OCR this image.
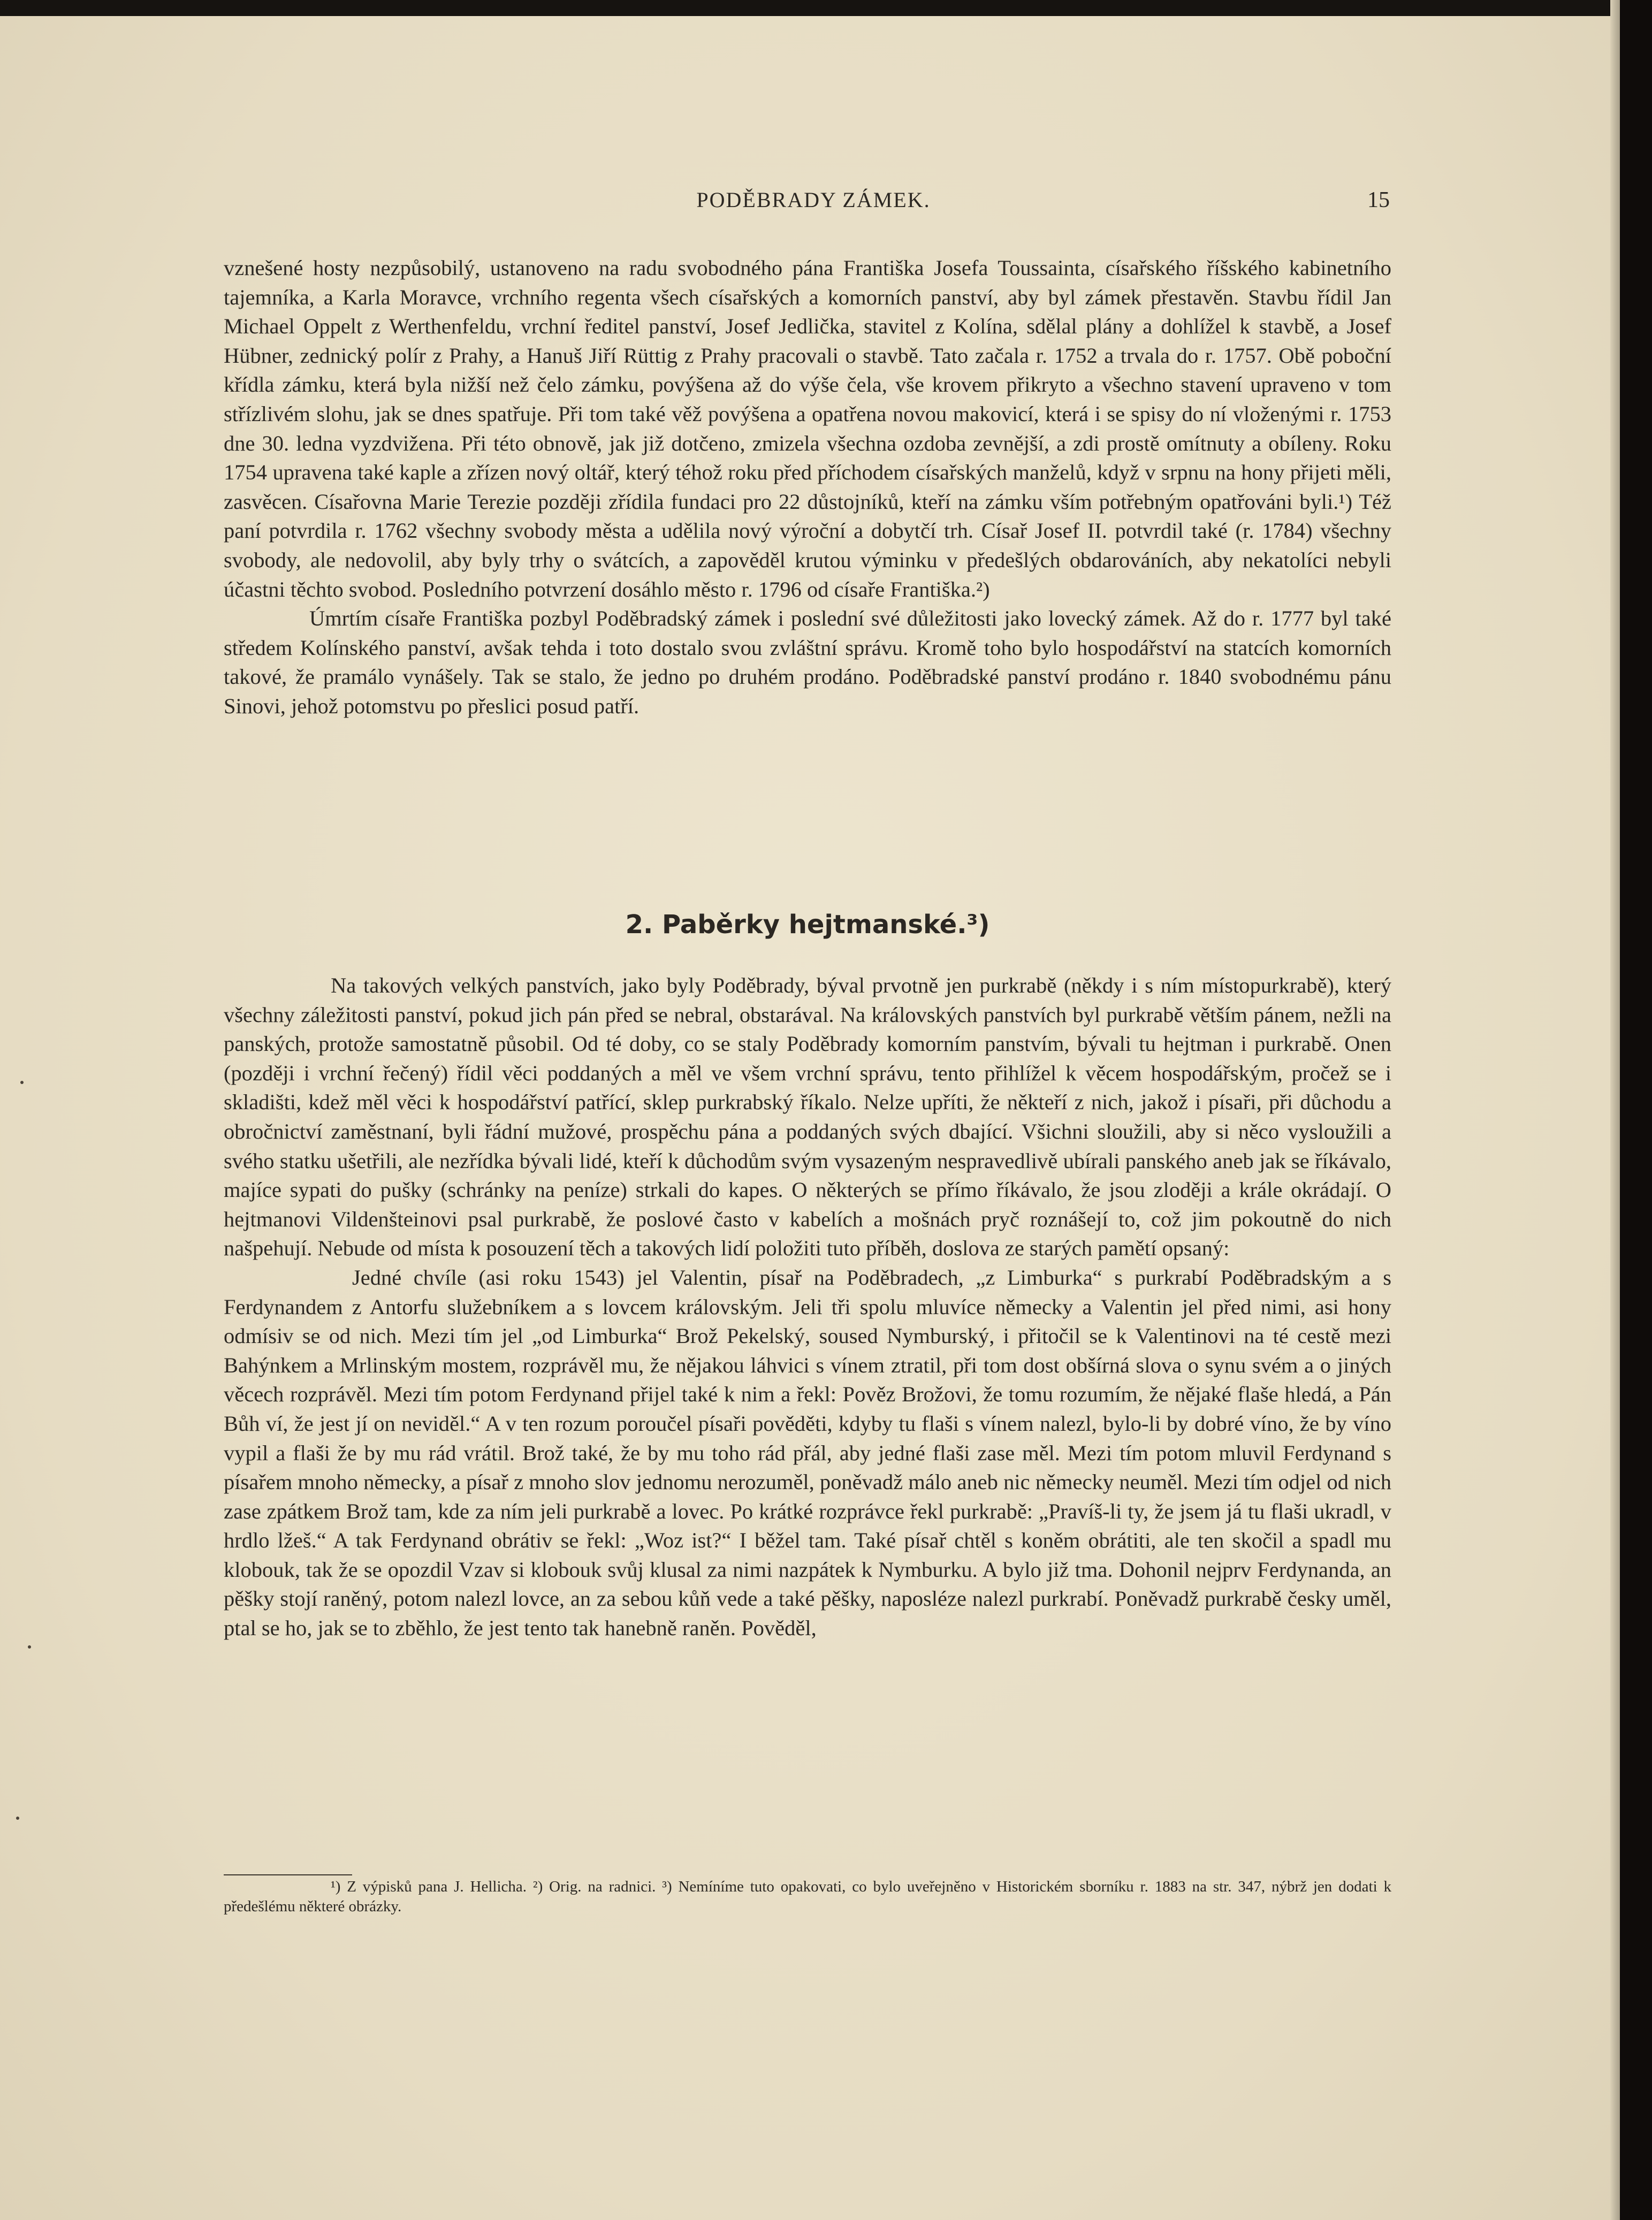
PODĚBRADY ZÁMEK.	15

vznešené hosty nezpůsobilý, ustanoveno na radu svobodného pána Františka Josefa Toussainta, císařského říšského kabinetního tajemníka, a Karla Moravce, vrchního regenta všech císařských a komorních panství, aby byl zámek přestavěn. Stavbu řídil Jan Michael Oppelt z Werthenfeldu, vrchní ředitel panství, Josef Jedlička, stavitel z Kolína, sdělal plány a dohlížel k stavbě, a Josef Hübner, zednický polír z Prahy, a Hanuš Jiří Rüttig z Prahy pracovali o stavbě. Tato začala r. 1752 a trvala do r. 1757. Obě poboční křídla zámku, která byla nižší než čelo zámku, povýšena až do výše čela, vše krovem přikryto a všechno stavení upraveno v tom střízlivém slohu, jak se dnes spatřuje. Při tom také věž povýšena a opatřena novou makovicí, která i se spisy do ní vloženými r. 1753 dne 30. ledna vyzdvižena. Při této obnově, jak již dotčeno, zmizela všechna ozdoba zevnější, a zdi prostě omítnuty a obíleny. Roku 1754 upravena také kaple a zřízen nový oltář, který téhož roku před příchodem císařských manželů, když v srpnu na hony přijeti měli, zasvěcen. Císařovna Marie Terezie později zřídila fundaci pro 22 důstojníků, kteří na zámku vším potřebným opatřováni byli.¹) Též paní potvrdila r. 1762 všechny svobody města a udělila nový výroční a dobytčí trh. Císař Josef II. potvrdil také (r. 1784) všechny svobody, ale nedovolil, aby byly trhy o svátcích, a zapověděl krutou výminku v předešlých obdarováních, aby nekatolíci nebyli účastni těchto svobod. Posledního potvrzení dosáhlo město r. 1796 od císaře Františka.²)

Úmrtím císaře Františka pozbyl Poděbradský zámek i poslední své důležitosti jako lovecký zámek. Až do r. 1777 byl také středem Kolínského panství, avšak tehda i toto dostalo svou zvláštní správu. Kromě toho bylo hospodářství na statcích komorních takové, že pramálo vynášely. Tak se stalo, že jedno po druhém prodáno. Poděbradské panství prodáno r. 1840 svobodnému pánu Sinovi, jehož potomstvu po přeslici posud patří.

2. Paběrky hejtmanské.³)

Na takových velkých panstvích, jako byly Poděbrady, býval prvotně jen purkrabě (někdy i s ním místopurkrabě), který všechny záležitosti panství, pokud jich pán před se nebral, obstarával. Na královských panstvích byl purkrabě větším pánem, nežli na panských, protože samostatně působil. Od té doby, co se staly Poděbrady komorním panstvím, bývali tu hejtman i purkrabě. Onen (později i vrchní řečený) řídil věci poddaných a měl ve všem vrchní správu, tento přihlížel k věcem hospodářským, pročež se i skladišti, kdež měl věci k hospodářství patřící, sklep purkrabský říkalo. Nelze upříti, že někteří z nich, jakož i písaři, při důchodu a obročnictví zaměstnaní, byli řádní mužové, prospěchu pána a poddaných svých dbající. Všichni sloužili, aby si něco vysloužili a svého statku ušetřili, ale nezřídka bývali lidé, kteří k důchodům svým vysazeným nespravedlivě ubírali panského aneb jak se říkávalo, majíce sypati do pušky (schránky na peníze) strkali do kapes. O některých se přímo říkávalo, že jsou zloději a krále okrádají. O hejtmanovi Vildenšteinovi psal purkrabě, že poslové často v kabelích a mošnách pryč roznášejí to, což jim pokoutně do nich našpehují. Nebude od místa k posouzení těch a takových lidí položiti tuto příběh, doslova ze starých pamětí opsaný:

Jedné chvíle (asi roku 1543) jel Valentin, písař na Poděbradech, „z Limburka“ s purkrabí Poděbradským a s Ferdynandem z Antorfu služebníkem a s lovcem královským. Jeli tři spolu mluvíce německy a Valentin jel před nimi, asi hony odmísiv se od nich. Mezi tím jel „od Limburka“ Brož Pekelský, soused Nymburský, i přitočil se k Valentinovi na té cestě mezi Bahýnkem a Mrlinským mostem, rozprávěl mu, že nějakou láhvici s vínem ztratil, při tom dost obšírná slova o synu svém a o jiných věcech rozprávěl. Mezi tím potom Ferdynand přijel také k nim a řekl: Pověz Brožovi, že tomu rozumím, že nějaké flaše hledá, a Pán Bůh ví, že jest jí on neviděl.“ A v ten rozum poroučel písaři pověděti, kdyby tu flaši s vínem nalezl, bylo-li by dobré víno, že by víno vypil a flaši že by mu rád vrátil. Brož také, že by mu toho rád přál, aby jedné flaši zase měl. Mezi tím potom mluvil Ferdynand s písařem mnoho německy, a písař z mnoho slov jednomu nerozuměl, poněvadž málo aneb nic německy neuměl. Mezi tím odjel od nich zase zpátkem Brož tam, kde za ním jeli purkrabě a lovec. Po krátké rozprávce řekl purkrabě: „Pravíš-li ty, že jsem já tu flaši ukradl, v hrdlo lžeš.“ A tak Ferdynand obrátiv se řekl: „Woz ist?“ I běžel tam. Také písař chtěl s koněm obrátiti, ale ten skočil a spadl mu klobouk, tak že se opozdil Vzav si klobouk svůj klusal za nimi nazpátek k Nymburku. A bylo již tma. Dohonil nejprv Ferdynanda, an pěšky stojí raněný, potom nalezl lovce, an za sebou kůň vede a také pěšky, naposléze nalezl purkrabí. Poněvadž purkrabě česky uměl, ptal se ho, jak se to zběhlo, že jest tento tak hanebně raněn. Pověděl,

¹) Z výpisků pana J. Hellicha. ²) Orig. na radnici. ³) Nemíníme tuto opakovati, co bylo uveřejněno v Historickém sborníku r. 1883 na str. 347, nýbrž jen dodati k předešlému některé obrázky.
